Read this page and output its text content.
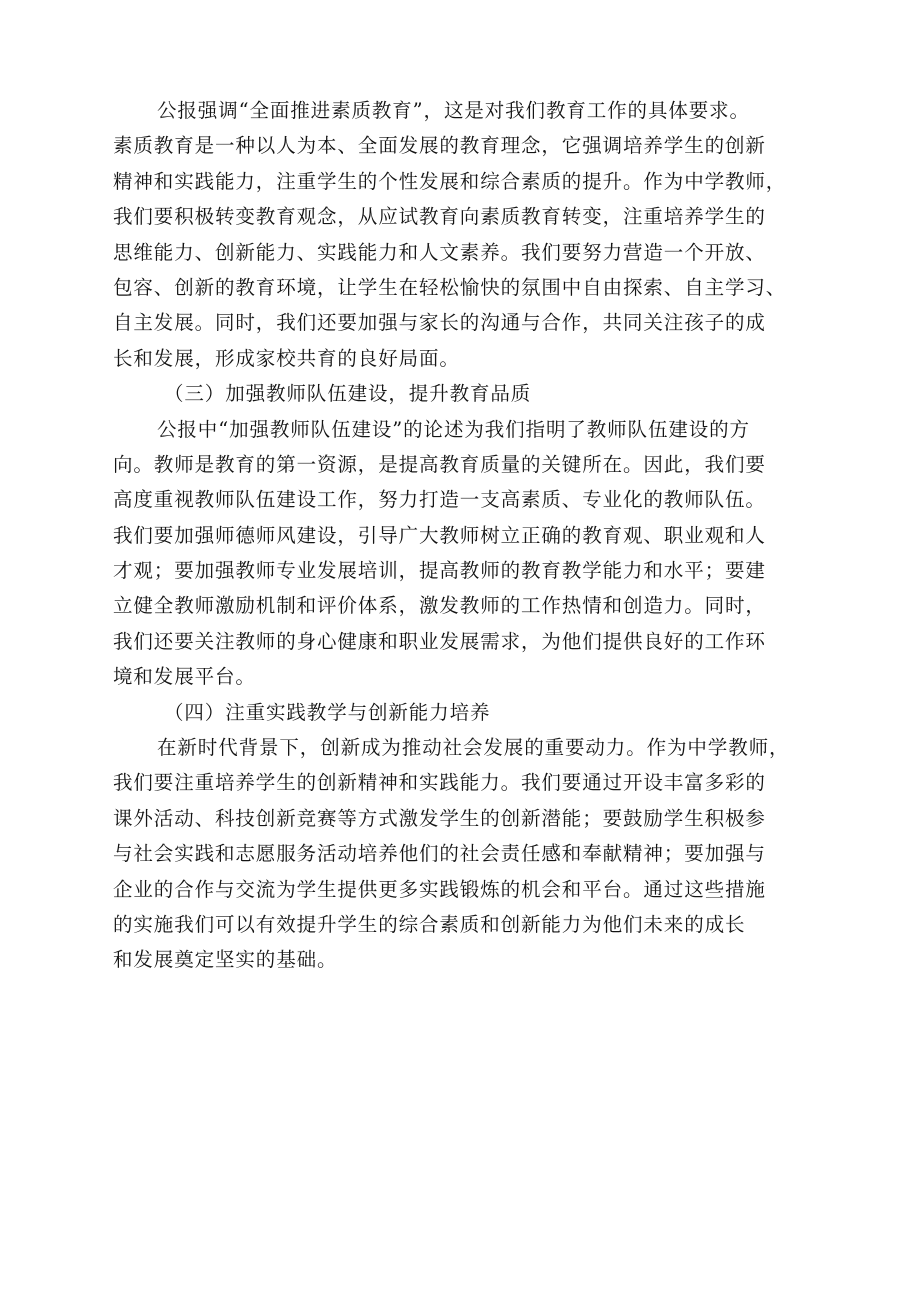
公报强调“全面推进素质教育”，这是对我们教育工作的具体要求。
素质教育是一种以人为本、全面发展的教育理念，它强调培养学生的创新
精神和实践能力，注重学生的个性发展和综合素质的提升。作为中学教师，
我们要积极转变教育观念，从应试教育向素质教育转变，注重培养学生的
思维能力、创新能力、实践能力和人文素养。我们要努力营造一个开放、
包容、创新的教育环境，让学生在轻松愉快的氛围中自由探索、自主学习、
自主发展。同时，我们还要加强与家长的沟通与合作，共同关注孩子的成
长和发展，形成家校共育的良好局面。
（三）加强教师队伍建设，提升教育品质
公报中“加强教师队伍建设”的论述为我们指明了教师队伍建设的方
向。教师是教育的第一资源，是提高教育质量的关键所在。因此，我们要
高度重视教师队伍建设工作，努力打造一支高素质、专业化的教师队伍。
我们要加强师德师风建设，引导广大教师树立正确的教育观、职业观和人
才观；要加强教师专业发展培训，提高教师的教育教学能力和水平；要建
立健全教师激励机制和评价体系，激发教师的工作热情和创造力。同时，
我们还要关注教师的身心健康和职业发展需求，为他们提供良好的工作环
境和发展平台。
（四）注重实践教学与创新能力培养
在新时代背景下，创新成为推动社会发展的重要动力。作为中学教师，
我们要注重培养学生的创新精神和实践能力。我们要通过开设丰富多彩的
课外活动、科技创新竞赛等方式激发学生的创新潜能；要鼓励学生积极参
与社会实践和志愿服务活动培养他们的社会责任感和奉献精神；要加强与
企业的合作与交流为学生提供更多实践锻炼的机会和平台。通过这些措施
的实施我们可以有效提升学生的综合素质和创新能力为他们未来的成长
和发展奠定坚实的基础。
